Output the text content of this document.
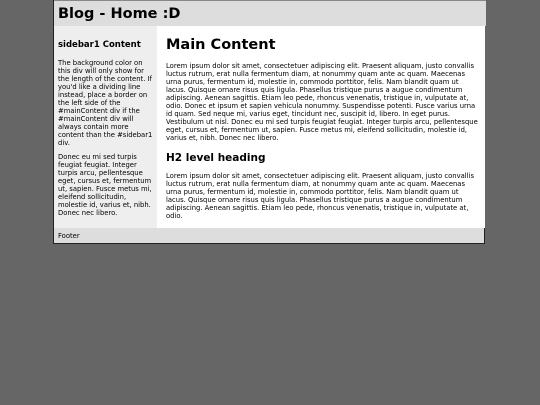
Blog - Home :D
sidebar1 Content

The background color on this div will only show for the length of the content. If you'd like a dividing line instead, place a border on the left side of the #mainContent div if the #mainContent div will always contain more content than the #sidebar1 div.

Donec eu mi sed turpis feugiat feugiat. Integer turpis arcu, pellentesque eget, cursus et, fermentum ut, sapien. Fusce metus mi, eleifend sollicitudin, molestie id, varius et, nibh. Donec nec libero.

Main Content

Lorem ipsum dolor sit amet, consectetuer adipiscing elit. Praesent aliquam, justo convallis luctus rutrum, erat nulla fermentum diam, at nonummy quam ante ac quam. Maecenas urna purus, fermentum id, molestie in, commodo porttitor, felis. Nam blandit quam ut lacus. Quisque ornare risus quis ligula. Phasellus tristique purus a augue condimentum adipiscing. Aenean sagittis. Etiam leo pede, rhoncus venenatis, tristique in, vulputate at, odio. Donec et ipsum et sapien vehicula nonummy. Suspendisse potenti. Fusce varius urna id quam. Sed neque mi, varius eget, tincidunt nec, suscipit id, libero. In eget purus. Vestibulum ut nisl. Donec eu mi sed turpis feugiat feugiat. Integer turpis arcu, pellentesque eget, cursus et, fermentum ut, sapien. Fusce metus mi, eleifend sollicitudin, molestie id, varius et, nibh. Donec nec libero.

H2 level heading

Lorem ipsum dolor sit amet, consectetuer adipiscing elit. Praesent aliquam, justo convallis luctus rutrum, erat nulla fermentum diam, at nonummy quam ante ac quam. Maecenas urna purus, fermentum id, molestie in, commodo porttitor, felis. Nam blandit quam ut lacus. Quisque ornare risus quis ligula. Phasellus tristique purus a augue condimentum adipiscing. Aenean sagittis. Etiam leo pede, rhoncus venenatis, tristique in, vulputate at, odio.

Footer
